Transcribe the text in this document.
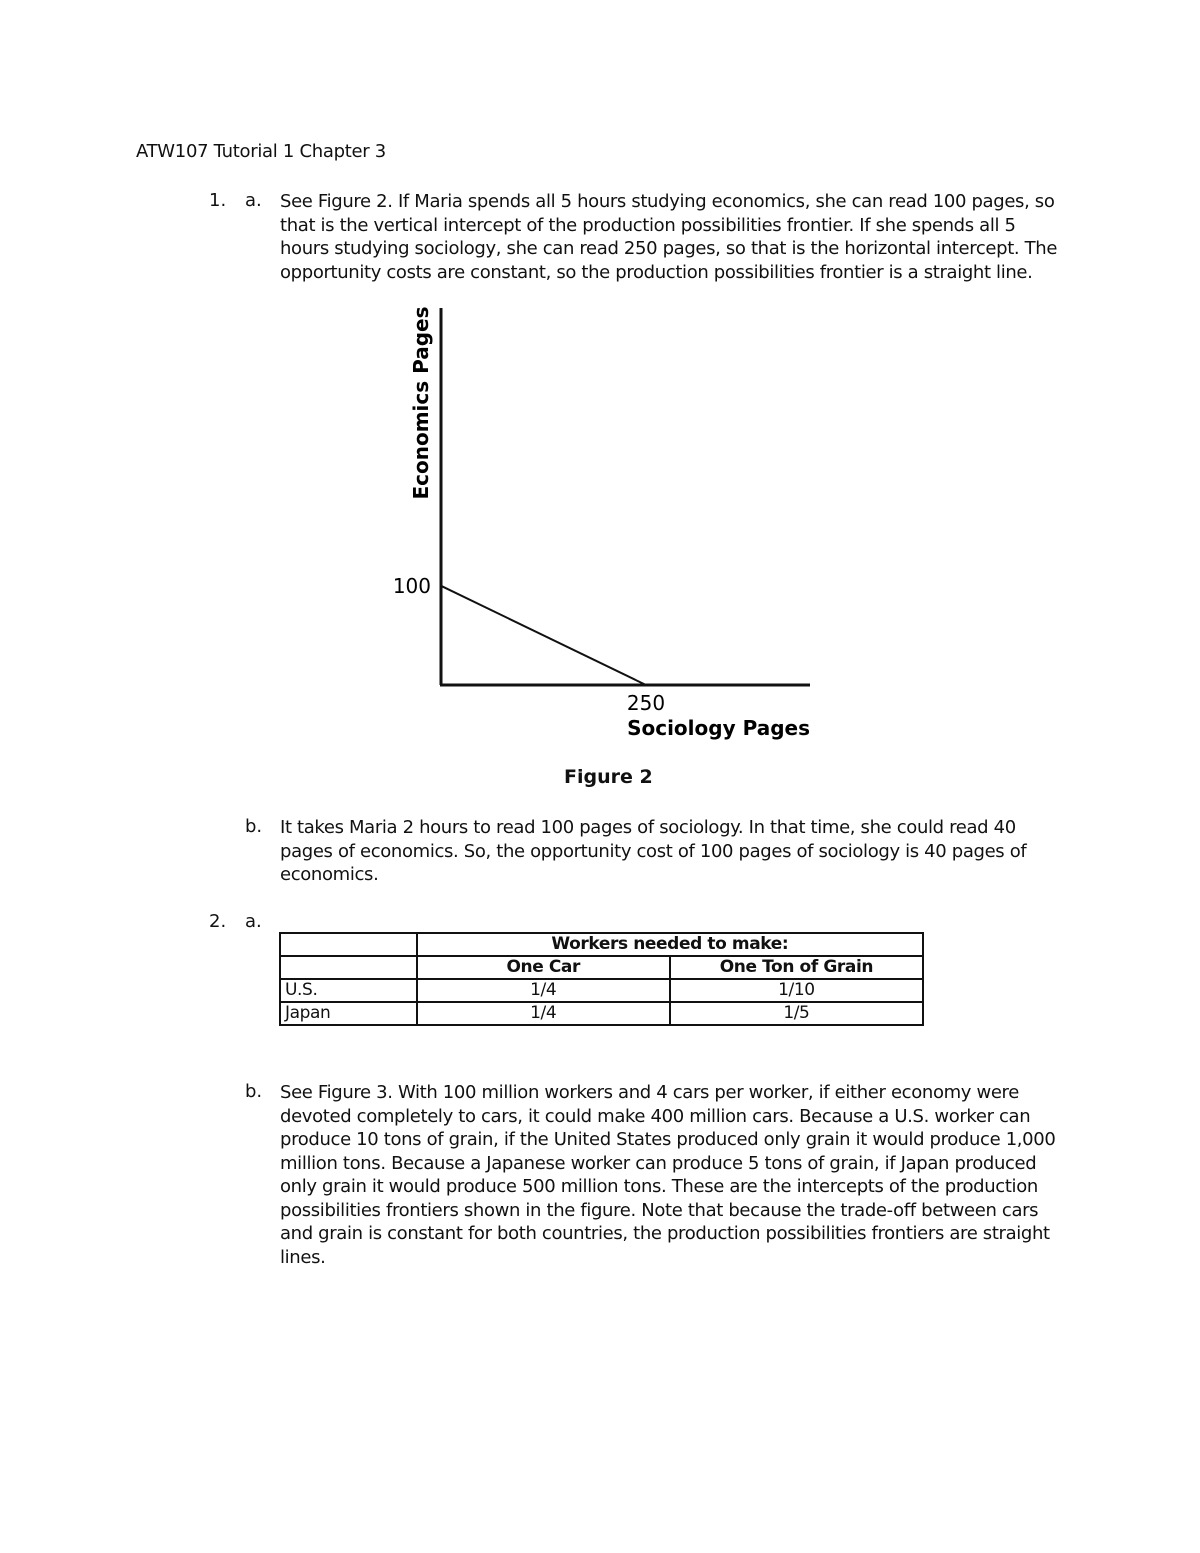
ATW107 Tutorial 1 Chapter 3
1. a. See Figure 2. If Maria spends all 5 hours studying economics, she can read 100 pages, so
that is the vertical intercept of the production possibilities frontier. If she spends all 5
hours studying sociology, she can read 250 pages, so that is the horizontal intercept. The
opportunity costs are constant, so the production possibilities frontier is a straight line.
100
250
Sociology Pages
Economics Pages
Figure 2
b. It takes Maria 2 hours to read 100 pages of sociology. In that time, she could read 40
pages of economics. So, the opportunity cost of 100 pages of sociology is 40 pages of
economics.
2. a.
	Workers needed to make:	
	One Car	One Ton of Grain
U.S.	1/4	1/10
Japan	1/4	1/5
b. See Figure 3. With 100 million workers and 4 cars per worker, if either economy were
devoted completely to cars, it could make 400 million cars. Because a U.S. worker can
produce 10 tons of grain, if the United States produced only grain it would produce 1,000
million tons. Because a Japanese worker can produce 5 tons of grain, if Japan produced
only grain it would produce 500 million tons. These are the intercepts of the production
possibilities frontiers shown in the figure. Note that because the trade-off between cars
and grain is constant for both countries, the production possibilities frontiers are straight
lines.
